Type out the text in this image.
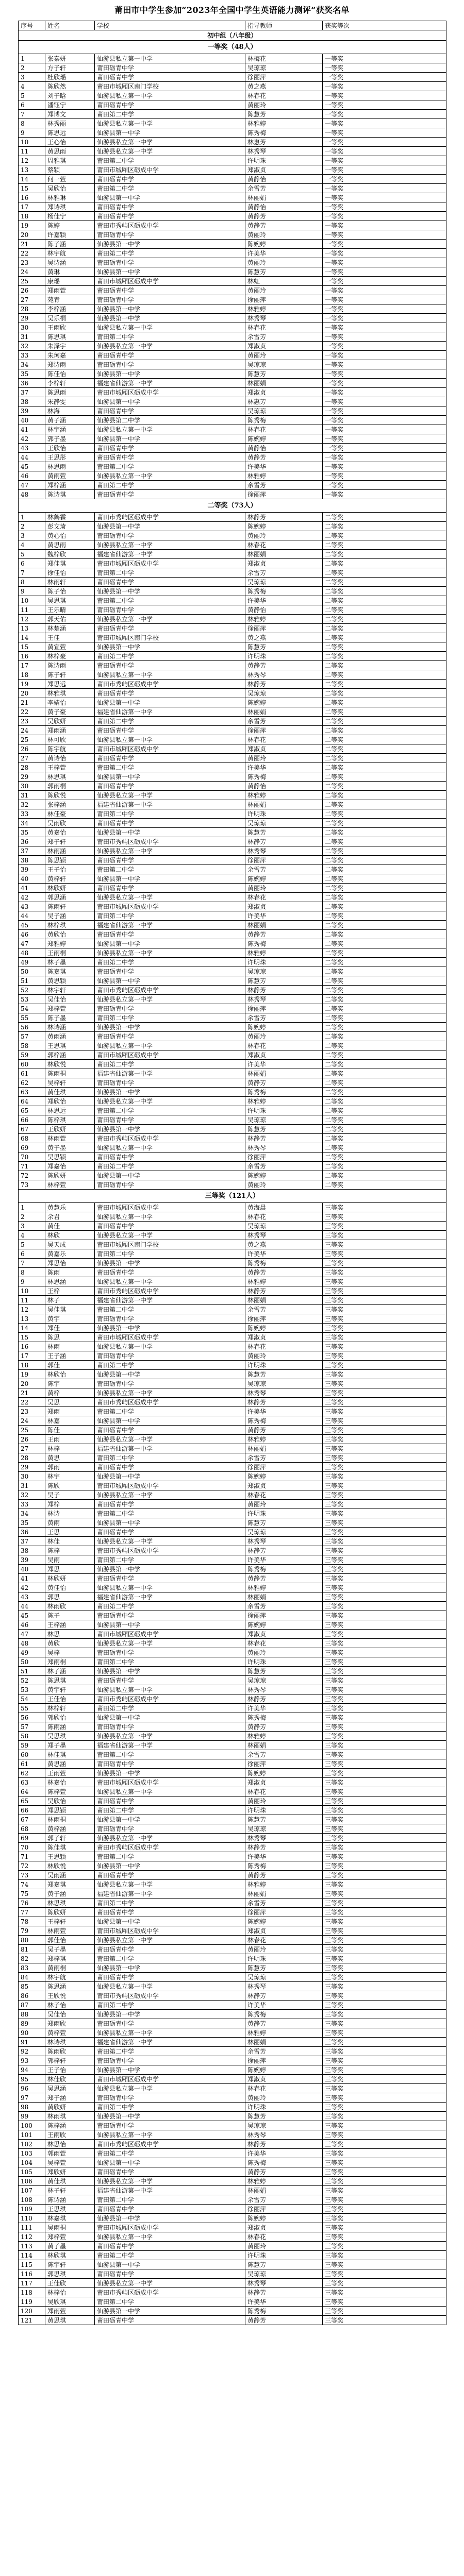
莆田市中学生参加“2023年全国中学生英语能力测评”获奖名单
序号	姓名	学校	指导教师	获奖等次
初中组（八年级）				
一等奖（48人）				
1	张秦妍	仙游县私立第一中学	林梅花	一等奖
2	方子轩	莆田砺青中学	吴琼琼	一等奖
3	杜欣瑶	莆田砺青中学	徐丽萍	一等奖
4	陈欣然	莆田市城厢区南门学校	黄之燕	一等奖
5	刘子晗	仙游县私立第一中学	林春花	一等奖
6	潘钰宁	莆田砺青中学	黄丽玲	一等奖
7	郑博文	莆田第二中学	陈慧芳	一等奖
8	林秀丽	仙游县私立第一中学	林雅婷	一等奖
9	陈思远	仙游县第一中学	陈秀梅	一等奖
10	王心怡	仙游县私立第一中学	林惠芳	一等奖
11	黄思雨	仙游县私立第一中学	林秀琴	一等奖
12	周雅琪	莆田第二中学	许明珠	一等奖
13	蔡颖	莆田市城厢区砺成中学	郑淑贞	一等奖
14	何一萱	莆田砺青中学	黄静怡	一等奖
15	吴欣怡	莆田第二中学	余雪芳	一等奖
16	林雅琳	仙游县第一中学	林丽娟	一等奖
17	郑诗琪	莆田砺青中学	黄静怡	一等奖
18	杨佳宁	莆田砺青中学	黄静芳	一等奖
19	陈婷	莆田市秀屿区砺成中学	黄静芳	一等奖
20	许嘉颖	莆田砺青中学	黄丽玲	一等奖
21	陈子涵	仙游县第一中学	陈婉婷	一等奖
22	林宇航	莆田第二中学	许美华	一等奖
23	吴诗涵	莆田砺青中学	黄丽玲	一等奖
24	黄琳	仙游县第一中学	陈慧芳	一等奖
25	康瑶	莆田市城厢区砺成中学	林虹	一等奖
26	郑雨萱	莆田砺青中学	黄丽玲	一等奖
27	苑青	莆田砺青中学	徐丽萍	一等奖
28	李梓涵	仙游县第一中学	林雅婷	一等奖
29	吴乐桐	仙游县第一中学	林秀琴	一等奖
30	王雨欣	仙游县私立第一中学	林春花	一等奖
31	陈思琪	莆田第二中学	余雪芳	一等奖
32	朱泽宇	仙游县私立第一中学	郑淑贞	一等奖
33	朱珂嘉	莆田砺青中学	黄丽玲	一等奖
34	郑诗雨	莆田砺青中学	吴琼琼	一等奖
35	陈佳怡	仙游县第一中学	陈慧芳	一等奖
36	李梓轩	福建省仙游第一中学	林丽娟	一等奖
37	陈思雨	莆田市城厢区砺成中学	郑淑贞	一等奖
38	朱静雯	仙游县第一中学	林惠芳	一等奖
39	林海	莆田砺青中学	吴琼琼	一等奖
40	黄子涵	仙游县第二中学	陈秀梅	一等奖
41	林宇涵	仙游县私立第一中学	林春花	一等奖
42	郭子墨	仙游县第一中学	陈婉婷	一等奖
43	王欣怡	莆田砺青中学	黄静怡	一等奖
44	王思彤	莆田砺青中学	黄静芳	一等奖
45	林思雨	莆田第二中学	许美华	一等奖
46	黄雨萱	仙游县私立第一中学	林雅婷	一等奖
47	郑梓涵	莆田第二中学	余雪芳	一等奖
48	陈诗琪	莆田砺青中学	徐丽萍	一等奖
二等奖（73人）				
1	林鹤霖	莆田市秀屿区砺成中学	林静芳	二等奖
2	彭文琦	仙游县第一中学	陈婉婷	二等奖
3	黄心怡	莆田砺青中学	黄丽玲	二等奖
4	黄思雨	仙游县私立第一中学	林春花	二等奖
5	魏梓欣	福建省仙游第一中学	林丽娟	二等奖
6	郑佳琪	莆田市城厢区砺成中学	郑淑贞	二等奖
7	徐佳怡	莆田第二中学	余雪芳	二等奖
8	林雨轩	莆田砺青中学	吴琼琼	二等奖
9	陈子怡	仙游县第一中学	陈秀梅	二等奖
10	吴思琪	莆田第二中学	许美华	二等奖
11	王乐晴	莆田砺青中学	黄静怡	二等奖
12	郭天佑	仙游县私立第一中学	林雅婷	二等奖
13	林楚涵	莆田砺青中学	徐丽萍	二等奖
14	王佳	莆田市城厢区南门学校	黄之燕	二等奖
15	黄宣萱	仙游县第一中学	陈慧芳	二等奖
16	林梓豪	莆田第二中学	许明珠	二等奖
17	陈诗雨	莆田砺青中学	黄静芳	二等奖
18	陈子轩	仙游县私立第一中学	林秀琴	二等奖
19	郑思远	莆田市秀屿区砺成中学	林静芳	二等奖
20	林雅琪	莆田砺青中学	吴琼琼	二等奖
21	李婧怡	仙游县第一中学	陈婉婷	二等奖
22	黄子豪	福建省仙游第一中学	林丽娟	二等奖
23	吴欣妍	莆田第二中学	余雪芳	二等奖
24	郑雨涵	莆田砺青中学	徐丽萍	二等奖
25	林可欣	仙游县私立第一中学	林春花	二等奖
26	陈宇航	莆田市城厢区砺成中学	郑淑贞	二等奖
27	黄诗怡	莆田砺青中学	黄丽玲	二等奖
28	王梓萱	莆田第二中学	许美华	二等奖
29	林思琪	仙游县第一中学	陈秀梅	二等奖
30	郭雨桐	莆田砺青中学	黄静怡	二等奖
31	陈欣悦	仙游县私立第一中学	林雅婷	二等奖
32	张梓涵	福建省仙游第一中学	林丽娟	二等奖
33	林佳豪	莆田第二中学	许明珠	二等奖
34	吴雨欣	莆田砺青中学	吴琼琼	二等奖
35	黄嘉怡	仙游县第一中学	陈慧芳	二等奖
36	郑子轩	莆田市秀屿区砺成中学	林静芳	二等奖
37	林雨涵	仙游县私立第一中学	林秀琴	二等奖
38	陈思颖	莆田砺青中学	徐丽萍	二等奖
39	王子怡	莆田第二中学	余雪芳	二等奖
40	黄梓轩	仙游县第一中学	陈婉婷	二等奖
41	林欣妍	莆田砺青中学	黄丽玲	二等奖
42	郭思涵	仙游县私立第一中学	林春花	二等奖
43	陈雨轩	莆田市城厢区砺成中学	郑淑贞	二等奖
44	吴子涵	莆田第二中学	许美华	二等奖
45	林梓琪	福建省仙游第一中学	林丽娟	二等奖
46	黄欣怡	莆田砺青中学	黄静芳	二等奖
47	郑雅婷	仙游县第一中学	陈秀梅	二等奖
48	王雨桐	仙游县私立第一中学	林雅婷	二等奖
49	林子墨	莆田第二中学	许明珠	二等奖
50	陈嘉琪	莆田砺青中学	吴琼琼	二等奖
51	黄思颖	仙游县第一中学	陈慧芳	二等奖
52	林宇轩	莆田市秀屿区砺成中学	林静芳	二等奖
53	吴佳怡	仙游县私立第一中学	林秀琴	二等奖
54	郑梓萱	莆田砺青中学	徐丽萍	二等奖
55	陈子墨	莆田第二中学	余雪芳	二等奖
56	林诗涵	仙游县第一中学	陈婉婷	二等奖
57	黄雨涵	莆田砺青中学	黄丽玲	二等奖
58	王思琪	仙游县私立第一中学	林春花	二等奖
59	郭梓涵	莆田市城厢区砺成中学	郑淑贞	二等奖
60	林欣悦	莆田第二中学	许美华	二等奖
61	陈雨桐	福建省仙游第一中学	林丽娟	二等奖
62	吴梓轩	莆田砺青中学	黄静芳	二等奖
63	黄佳琪	仙游县第一中学	陈秀梅	二等奖
64	郑欣怡	仙游县私立第一中学	林雅婷	二等奖
65	林思远	莆田第二中学	许明珠	二等奖
66	陈梓琪	莆田砺青中学	吴琼琼	二等奖
67	王欣妍	仙游县第一中学	陈慧芳	二等奖
68	林雨萱	莆田市秀屿区砺成中学	林静芳	二等奖
69	黄子墨	仙游县私立第一中学	林秀琴	二等奖
70	吴思颖	莆田砺青中学	徐丽萍	二等奖
71	郑嘉怡	莆田第二中学	余雪芳	二等奖
72	陈欣妍	仙游县第一中学	陈婉婷	二等奖
73	林梓萱	莆田砺青中学	黄丽玲	二等奖
三等奖（121人）				
1	黄慧乐	莆田市城厢区砺成中学	黄海晨	三等奖
2	余君	仙游县私立第一中学	林春花	三等奖
3	黄佳	莆田砺青中学	吴琼琼	三等奖
4	林欣	仙游县私立第一中学	林秀琴	三等奖
5	吴天成	莆田市城厢区南门学校	黄之燕	三等奖
6	黄嘉乐	莆田第二中学	许美华	三等奖
7	郑思怡	仙游县第一中学	陈秀梅	三等奖
8	陈雨	莆田砺青中学	黄静芳	三等奖
9	林思涵	仙游县私立第一中学	林雅婷	三等奖
10	王梓	莆田市秀屿区砺成中学	林静芳	三等奖
11	林子	福建省仙游第一中学	林丽娟	三等奖
12	吴佳琪	莆田第二中学	余雪芳	三等奖
13	黄宇	莆田砺青中学	徐丽萍	三等奖
14	郑佳	仙游县第一中学	陈婉婷	三等奖
15	陈思	莆田市城厢区砺成中学	郑淑贞	三等奖
16	林雨	仙游县私立第一中学	林春花	三等奖
17	王子涵	莆田砺青中学	黄丽玲	三等奖
18	郭佳	莆田第二中学	许明珠	三等奖
19	林欣怡	仙游县第一中学	陈慧芳	三等奖
20	陈宇	莆田砺青中学	吴琼琼	三等奖
21	黄梓	仙游县私立第一中学	林秀琴	三等奖
22	吴思	莆田市秀屿区砺成中学	林静芳	三等奖
23	郑雨	莆田第二中学	许美华	三等奖
24	林嘉	仙游县第一中学	陈秀梅	三等奖
25	陈佳	莆田砺青中学	黄静芳	三等奖
26	王雨	仙游县私立第一中学	林雅婷	三等奖
27	林梓	福建省仙游第一中学	林丽娟	三等奖
28	黄思	莆田第二中学	余雪芳	三等奖
29	郭雨	莆田砺青中学	徐丽萍	三等奖
30	林宇	仙游县第一中学	陈婉婷	三等奖
31	陈欣	莆田市城厢区砺成中学	郑淑贞	三等奖
32	吴子	仙游县私立第一中学	林春花	三等奖
33	郑梓	莆田砺青中学	黄丽玲	三等奖
34	林诗	莆田第二中学	许明珠	三等奖
35	黄雨	仙游县第一中学	陈慧芳	三等奖
36	王思	莆田砺青中学	吴琼琼	三等奖
37	林佳	仙游县私立第一中学	林秀琴	三等奖
38	陈梓	莆田市秀屿区砺成中学	林静芳	三等奖
39	吴雨	莆田第二中学	许美华	三等奖
40	郑思	仙游县第一中学	陈秀梅	三等奖
41	林欣妍	莆田砺青中学	黄静芳	三等奖
42	黄佳怡	仙游县私立第一中学	林雅婷	三等奖
43	郭思	福建省仙游第一中学	林丽娟	三等奖
44	林雨欣	莆田第二中学	余雪芳	三等奖
45	陈子	莆田砺青中学	徐丽萍	三等奖
46	王梓涵	仙游县第一中学	陈婉婷	三等奖
47	林思	莆田市城厢区砺成中学	郑淑贞	三等奖
48	黄欣	仙游县私立第一中学	林春花	三等奖
49	吴梓	莆田砺青中学	黄丽玲	三等奖
50	郑雨桐	莆田第二中学	许明珠	三等奖
51	林子涵	仙游县第一中学	陈慧芳	三等奖
52	陈思琪	莆田砺青中学	吴琼琼	三等奖
53	黄宇轩	仙游县私立第一中学	林秀琴	三等奖
54	王佳怡	莆田市秀屿区砺成中学	林静芳	三等奖
55	林梓轩	莆田第二中学	许美华	三等奖
56	郭欣怡	仙游县第一中学	陈秀梅	三等奖
57	陈雨涵	莆田砺青中学	黄静芳	三等奖
58	吴思琪	仙游县私立第一中学	林雅婷	三等奖
59	郑子墨	福建省仙游第一中学	林丽娟	三等奖
60	林佳琪	莆田第二中学	余雪芳	三等奖
61	黄思涵	莆田砺青中学	徐丽萍	三等奖
62	王雨萱	仙游县第一中学	陈婉婷	三等奖
63	林嘉怡	莆田市城厢区砺成中学	郑淑贞	三等奖
64	陈梓萱	仙游县私立第一中学	林春花	三等奖
65	吴欣怡	莆田砺青中学	黄丽玲	三等奖
66	郑思颖	莆田第二中学	许明珠	三等奖
67	林雨桐	仙游县第一中学	陈慧芳	三等奖
68	黄梓涵	莆田砺青中学	吴琼琼	三等奖
69	郭子轩	仙游县私立第一中学	林秀琴	三等奖
70	陈佳琪	莆田市秀屿区砺成中学	林静芳	三等奖
71	王思颖	莆田第二中学	许美华	三等奖
72	林欣悦	仙游县第一中学	陈秀梅	三等奖
73	吴雨涵	莆田砺青中学	黄静芳	三等奖
74	郑嘉琪	仙游县私立第一中学	林雅婷	三等奖
75	黄子涵	福建省仙游第一中学	林丽娟	三等奖
76	林思琪	莆田第二中学	余雪芳	三等奖
77	陈欣妍	莆田砺青中学	徐丽萍	三等奖
78	王梓轩	仙游县第一中学	陈婉婷	三等奖
79	林雨萱	莆田市城厢区砺成中学	郑淑贞	三等奖
80	郭佳怡	仙游县私立第一中学	林春花	三等奖
81	吴子墨	莆田砺青中学	黄丽玲	三等奖
82	郑梓琪	莆田第二中学	许明珠	三等奖
83	黄雨桐	仙游县第一中学	陈慧芳	三等奖
84	林宇航	莆田砺青中学	吴琼琼	三等奖
85	陈思涵	仙游县私立第一中学	林秀琴	三等奖
86	王欣悦	莆田市秀屿区砺成中学	林静芳	三等奖
87	林子怡	莆田第二中学	许美华	三等奖
88	吴佳怡	仙游县第一中学	陈秀梅	三等奖
89	郑雨欣	莆田砺青中学	黄静芳	三等奖
90	黄梓萱	仙游县私立第一中学	林雅婷	三等奖
91	林诗琪	福建省仙游第一中学	林丽娟	三等奖
92	陈雨欣	莆田第二中学	余雪芳	三等奖
93	郭梓轩	莆田砺青中学	徐丽萍	三等奖
94	王子怡	仙游县第一中学	陈婉婷	三等奖
95	林佳欣	莆田市城厢区砺成中学	郑淑贞	三等奖
96	吴思涵	仙游县私立第一中学	林春花	三等奖
97	郑子涵	莆田砺青中学	黄丽玲	三等奖
98	黄欣妍	莆田第二中学	许明珠	三等奖
99	林雨琪	仙游县第一中学	陈慧芳	三等奖
100	陈梓涵	莆田砺青中学	吴琼琼	三等奖
101	王雨欣	仙游县私立第一中学	林秀琴	三等奖
102	林思怡	莆田市秀屿区砺成中学	林静芳	三等奖
103	郭雨萱	莆田第二中学	许美华	三等奖
104	吴梓萱	仙游县第一中学	陈秀梅	三等奖
105	郑欣妍	莆田砺青中学	黄静芳	三等奖
106	黄佳琪	仙游县私立第一中学	林雅婷	三等奖
107	林子轩	福建省仙游第一中学	林丽娟	三等奖
108	陈诗涵	莆田第二中学	余雪芳	三等奖
109	王思琪	莆田砺青中学	徐丽萍	三等奖
110	林嘉琪	仙游县第一中学	陈婉婷	三等奖
111	吴雨桐	莆田市城厢区砺成中学	郑淑贞	三等奖
112	郑梓萱	仙游县私立第一中学	林春花	三等奖
113	黄子墨	莆田砺青中学	黄丽玲	三等奖
114	林欣琪	莆田第二中学	许明珠	三等奖
115	陈宇轩	仙游县第一中学	陈慧芳	三等奖
116	郭思琪	莆田砺青中学	吴琼琼	三等奖
117	王佳欣	仙游县私立第一中学	林秀琴	三等奖
118	林梓怡	莆田市秀屿区砺成中学	林静芳	三等奖
119	吴欣琪	莆田第二中学	许美华	三等奖
120	郑雨萱	仙游县第一中学	陈秀梅	三等奖
121	黄思琪	莆田砺青中学	黄静芳	三等奖
